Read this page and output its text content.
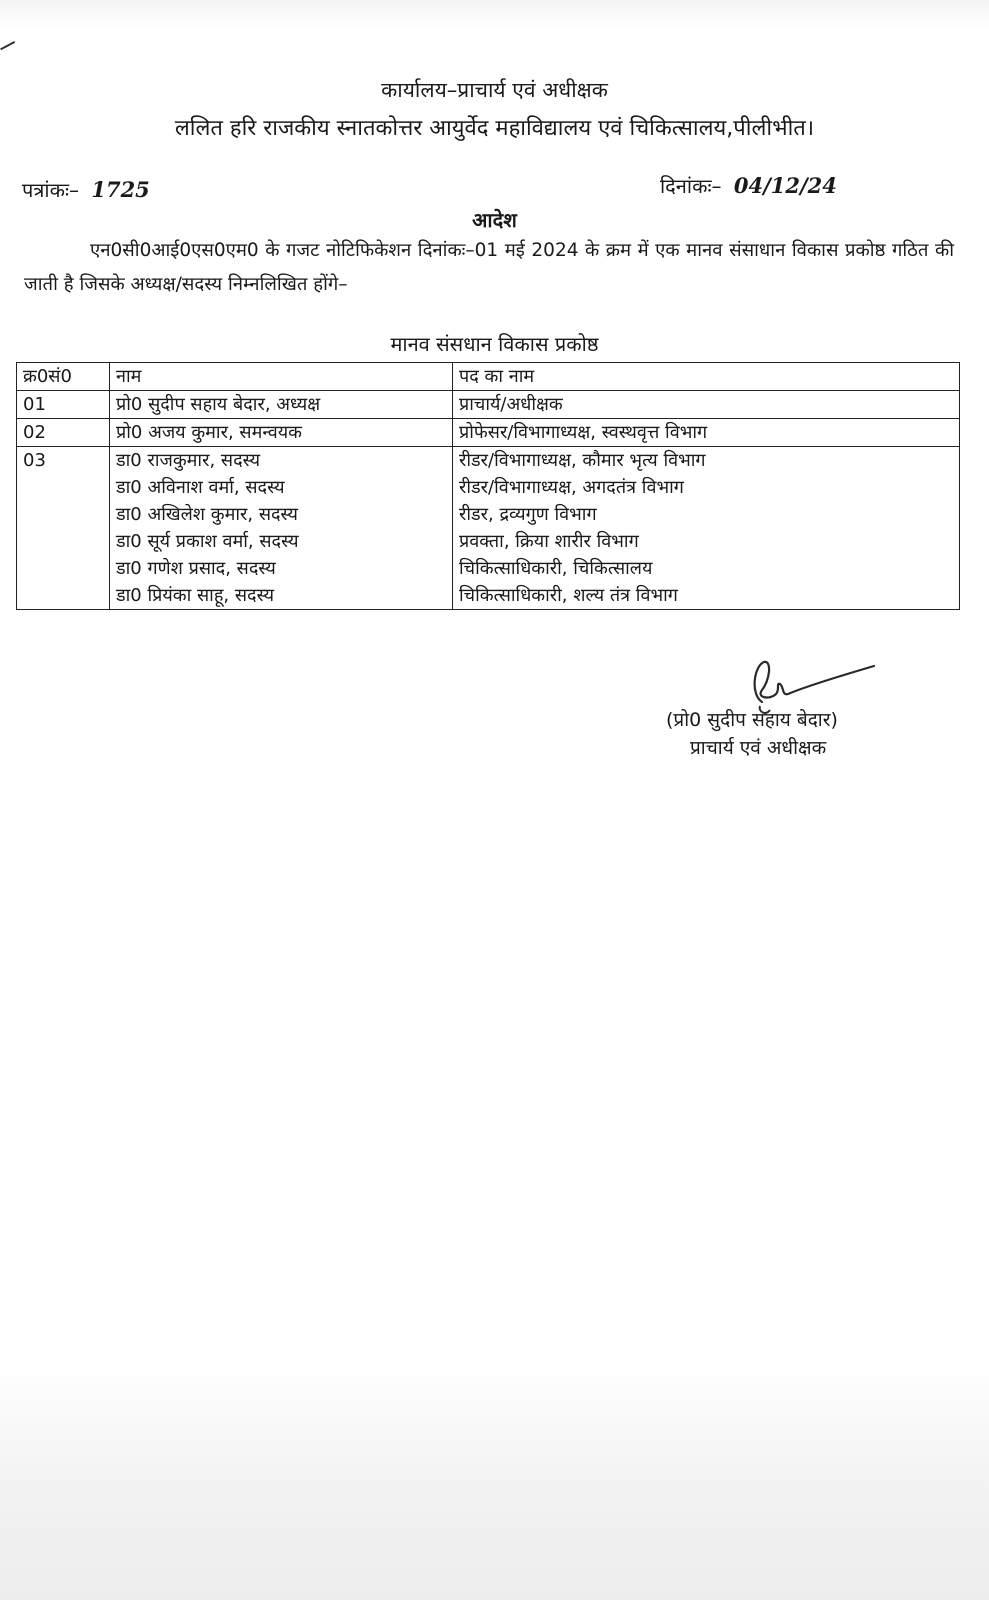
कार्यालय–प्राचार्य एवं अधीक्षक
ललित हरि राजकीय स्नातकोत्तर आयुर्वेद महाविद्यालय एवं चिकित्सालय,पीलीभीत।
पत्रांकः– 1725	दिनांकः– 04/12/24
आदेश
एन0सी0आई0एस0एम0 के गजट नोटिफिकेशन दिनांकः–01 मई 2024 के क्रम में एक मानव संसाधान विकास प्रकोष्ठ गठित की जाती है जिसके अध्यक्ष/सदस्य निम्नलिखित होंगे–
मानव संसधान विकास प्रकोष्ठ
क्र0सं0	नाम	पद का नाम
01	प्रो0 सुदीप सहाय बेदार, अध्यक्ष	प्राचार्य/अधीक्षक
02	प्रो0 अजय कुमार, समन्वयक	प्रोफेसर/विभागाध्यक्ष, स्वस्थवृत्त विभाग
03	डा0 राजकुमार, सदस्य	रीडर/विभागाध्यक्ष, कौमार भृत्य विभाग
	डा0 अविनाश वर्मा, सदस्य	रीडर/विभागाध्यक्ष, अगदतंत्र विभाग
	डा0 अखिलेश कुमार, सदस्य	रीडर, द्रव्यगुण विभाग
	डा0 सूर्य प्रकाश वर्मा, सदस्य	प्रवक्ता, क्रिया शारीर विभाग
	डा0 गणेश प्रसाद, सदस्य	चिकित्साधिकारी, चिकित्सालय
	डा0 प्रियंका साहू, सदस्य	चिकित्साधिकारी, शल्य तंत्र विभाग
(प्रो0 सुदीप सहाय बेदार)
प्राचार्य एवं अधीक्षक
